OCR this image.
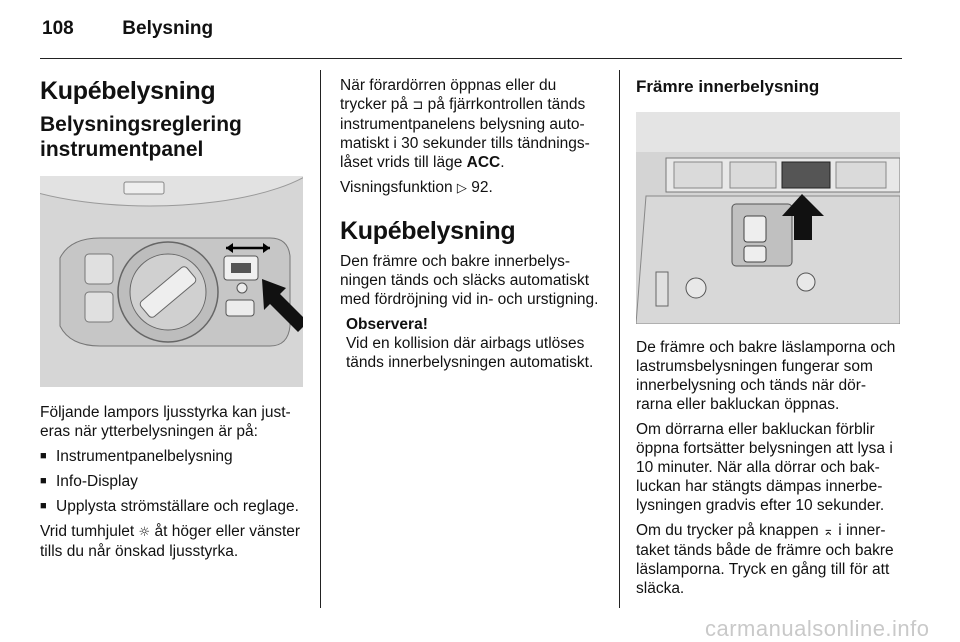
108	Belysning
Kupébelysning
Belysningsreglering
instrumentpanel

Följande lampors ljusstyrka kan just-eras när ytterbelysningen är på:

■ Instrumentpanelbelysning
■ Info-Display
■ Upplysta strömställare och reglage.

Vrid tumhjulet ☼ åt höger eller vänster tills du når önskad ljusstyrka.

När förardörren öppnas eller du trycker på ⊐ på fjärrkontrollen tänds instrumentpanelens belysning auto-matiskt i 30 sekunder tills tändnings-låset vrids till läge ACC.

Visningsfunktion ▷ 92.

Kupébelysning

Den främre och bakre innerbelys-ningen tänds och släcks automatiskt med fördröjning vid in- och urstigning.

Observera!
Vid en kollision där airbags utlöses tänds innerbelysningen automatiskt.
Främre innerbelysning

De främre och bakre läslamporna och lastrumsbelysningen fungerar som innerbelysning och tänds när dör-rarna eller bakluckan öppnas.

Om dörrarna eller bakluckan förblir öppna fortsätter belysningen att lysa i 10 minuter. När alla dörrar och bak-luckan har stängts dämpas innerbe-lysningen gradvis efter 10 sekunder.

Om du trycker på knappen ⌅ i inner-taket tänds både de främre och bakre läslamporna. Tryck en gång till för att släcka.

carmanualsonline.info
